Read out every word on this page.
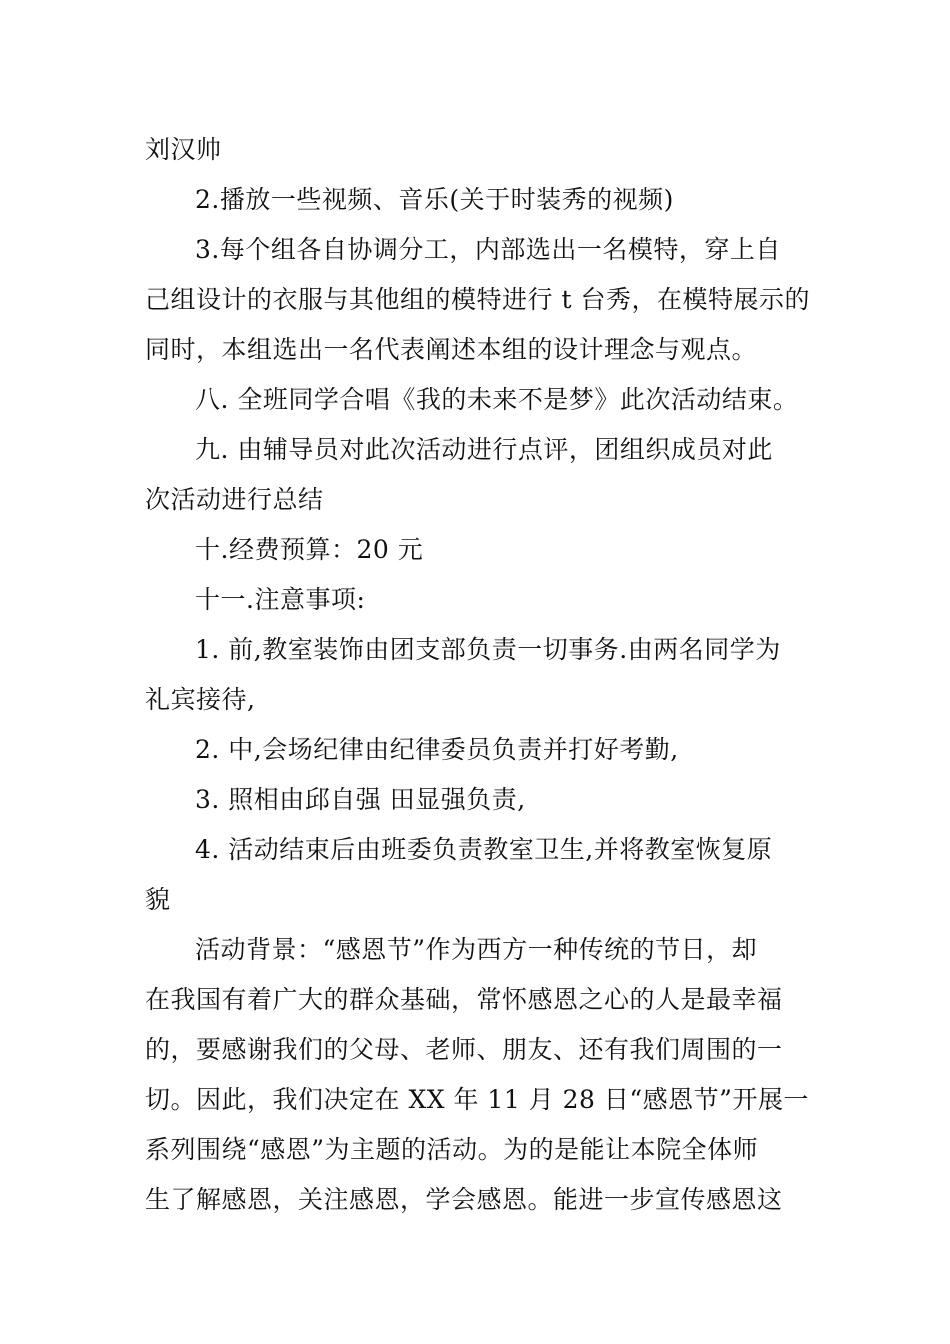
刘汉帅
2.播放一些视频、音乐(关于时装秀的视频)
3.每个组各自协调分工，内部选出一名模特，穿上自
己组设计的衣服与其他组的模特进行 t 台秀，在模特展示的
同时，本组选出一名代表阐述本组的设计理念与观点。
八. 全班同学合唱《我的未来不是梦》此次活动结束。
九. 由辅导员对此次活动进行点评，团组织成员对此
次活动进行总结
十.经费预算：20 元
十一.注意事项:
1. 前,教室装饰由团支部负责一切事务.由两名同学为
礼宾接待,
2. 中,会场纪律由纪律委员负责并打好考勤,
3. 照相由邱自强 田显强负责,
4. 活动结束后由班委负责教室卫生,并将教室恢复原
貌
活动背景：“感恩节”作为西方一种传统的节日，却
在我国有着广大的群众基础，常怀感恩之心的人是最幸福
的，要感谢我们的父母、老师、朋友、还有我们周围的一
切。因此，我们决定在 XX 年 11 月 28 日“感恩节”开展一
系列围绕“感恩”为主题的活动。为的是能让本院全体师
生了解感恩，关注感恩，学会感恩。能进一步宣传感恩这
